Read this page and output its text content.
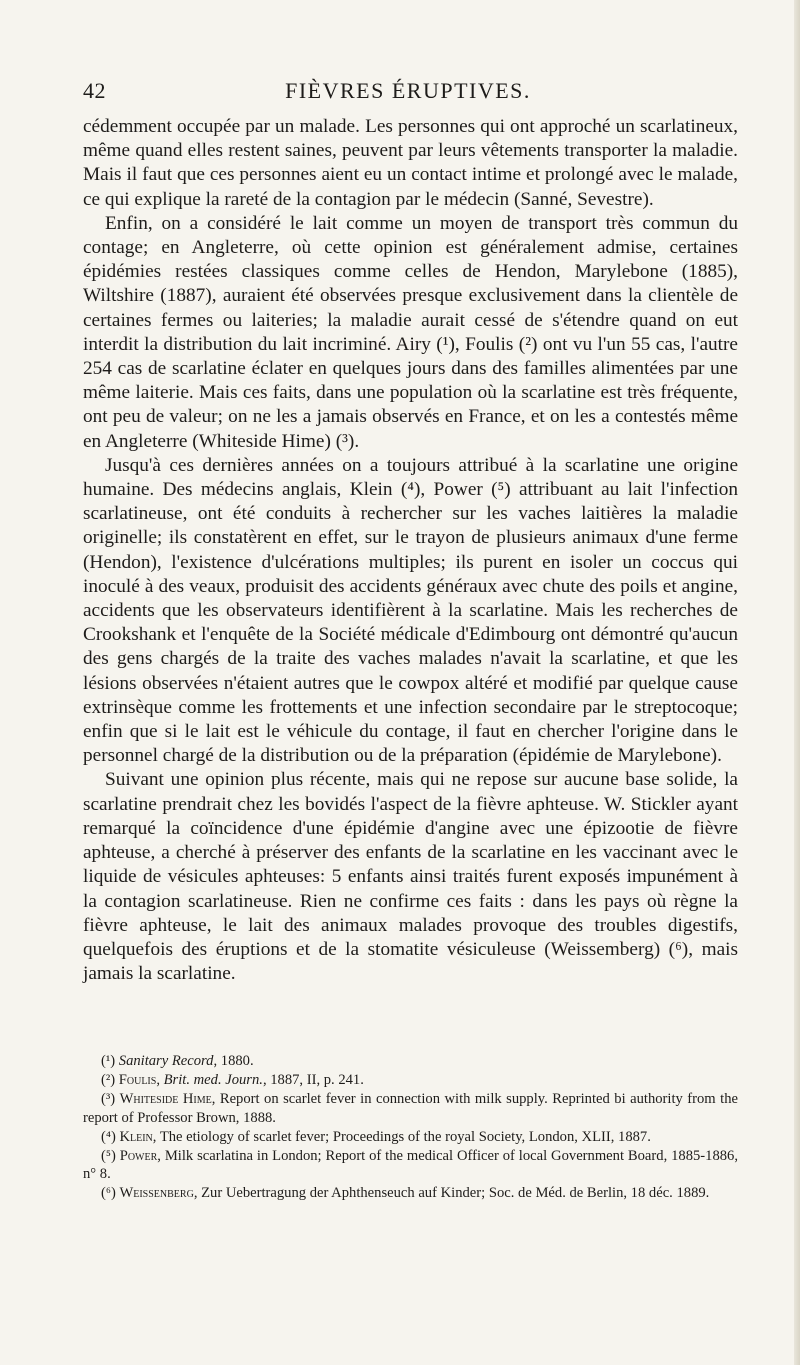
42	FIÈVRES ÉRUPTIVES.

cédemment occupée par un malade. Les personnes qui ont approché un scarlatineux, même quand elles restent saines, peuvent par leurs vêtements transporter la maladie. Mais il faut que ces personnes aient eu un contact intime et prolongé avec le malade, ce qui explique la rareté de la contagion par le médecin (Sanné, Sevestre).

Enfin, on a considéré le lait comme un moyen de transport très commun du contage; en Angleterre, où cette opinion est généralement admise, certaines épidémies restées classiques comme celles de Hendon, Marylebone (1885), Wiltshire (1887), auraient été observées presque exclusivement dans la clientèle de certaines fermes ou laiteries; la maladie aurait cessé de s'étendre quand on eut interdit la distribution du lait incriminé. Airy (¹), Foulis (²) ont vu l'un 55 cas, l'autre 254 cas de scarlatine éclater en quelques jours dans des familles alimentées par une même laiterie. Mais ces faits, dans une population où la scarlatine est très fréquente, ont peu de valeur; on ne les a jamais observés en France, et on les a contestés même en Angleterre (Whiteside Hime) (³).

Jusqu'à ces dernières années on a toujours attribué à la scarlatine une origine humaine. Des médecins anglais, Klein (⁴), Power (⁵) attribuant au lait l'infection scarlatineuse, ont été conduits à rechercher sur les vaches laitières la maladie originelle; ils constatèrent en effet, sur le trayon de plusieurs animaux d'une ferme (Hendon), l'existence d'ulcérations multiples; ils purent en isoler un coccus qui inoculé à des veaux, produisit des accidents généraux avec chute des poils et angine, accidents que les observateurs identifièrent à la scarlatine. Mais les recherches de Crookshank et l'enquête de la Société médicale d'Edimbourg ont démontré qu'aucun des gens chargés de la traite des vaches malades n'avait la scarlatine, et que les lésions observées n'étaient autres que le cowpox altéré et modifié par quelque cause extrinsèque comme les frottements et une infection secondaire par le streptocoque; enfin que si le lait est le véhicule du contage, il faut en chercher l'origine dans le personnel chargé de la distribution ou de la préparation (épidémie de Marylebone).

Suivant une opinion plus récente, mais qui ne repose sur aucune base solide, la scarlatine prendrait chez les bovidés l'aspect de la fièvre aphteuse. W. Stickler ayant remarqué la coïncidence d'une épidémie d'angine avec une épizootie de fièvre aphteuse, a cherché à préserver des enfants de la scarlatine en les vaccinant avec le liquide de vésicules aphteuses: 5 enfants ainsi traités furent exposés impunément à la contagion scarlatineuse. Rien ne confirme ces faits : dans les pays où règne la fièvre aphteuse, le lait des animaux malades provoque des troubles digestifs, quelquefois des éruptions et de la stomatite vésiculeuse (Weissemberg) (⁶), mais jamais la scarlatine.

(¹) Sanitary Record, 1880.

(²) Foulis, Brit. med. Journ., 1887, II, p. 241.

(³) Whiteside Hime, Report on scarlet fever in connection with milk supply. Reprinted bi authority from the report of Professor Brown, 1888.

(⁴) Klein, The etiology of scarlet fever; Proceedings of the royal Society, London, XLII, 1887.

(⁵) Power, Milk scarlatina in London; Report of the medical Officer of local Government Board, 1885-1886, n° 8.

(⁶) Weissenberg, Zur Uebertragung der Aphthenseuch auf Kinder; Soc. de Méd. de Berlin, 18 déc. 1889.
